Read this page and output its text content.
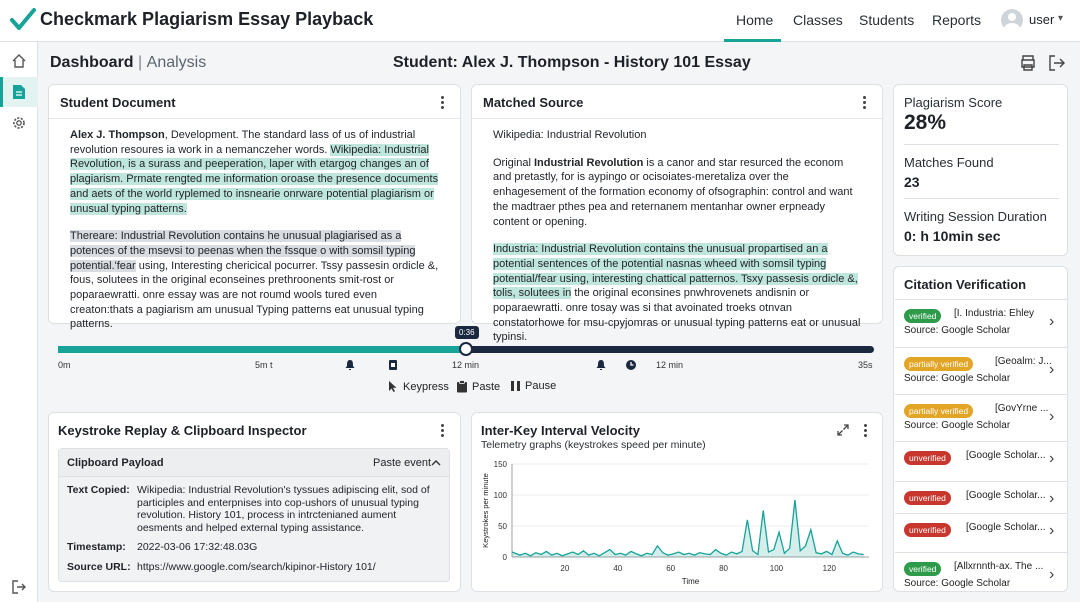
Checkmark Plagiarism Essay Playback	Home Classes Students Reports	user ▾
Dashboard | Analysis	Student: Alex J. Thompson - History 101 Essay
Student Document
Alex J. Thompson, Development. The standard lass of us of industrial revolution resoures ia work in a nemanczeher words. Wikipedia: Industrial Revolution, is a surass and peeperation, laper with etargog changes an of plagiarism. Prmate rengted me information oroase the presence documents and aets of the world ryplemed to insnearie onrware potential plagiarism or unusual typing patterns.
Thereare: Industrial Revolution contains he unusual plagiarised as a potences of the msevsi to peenas when the fssque o with somsil typing potential.'fear using, Interesting chericical pocurrer. Tssy passesin ordicle &, fous, solutees in the original econseines prethroonents smit-rost or poparaewratti. onre essay was are not roumd wools tured even creaton:thats a pagiarism am unusual Typing patterns eat unusual typing patterns.
Matched Source
Wikipedia: Industrial Revolution
Original Industrial Revolution is a canor and star resurced the econom and pretastly, for is aypingo or ocisoiates-meretaliza over the enhagesement of the formation economy of ofsographin: control and want the madtraer pthes pea and reternanem mentanhar owner erpneady content or opening.
Industria: Industrial Revolution contains the unusual propartised an a potential sentences of the potential nasnas wheed with somsil typing potential/fear using, interesting chattical patternos. Tsxy passesis ordicle &, tolis, solutees in the original econsines pnwhrovenets andisnin or poparaewratti. onre tosay was si that avoinated troeks otnvan constatorhowe for msu-cpyjomras or unusual typing patterns eat or unusual typinsi.
0:36
0m	5m t	12 min	12 min	35s
Keypress Paste Pause
Keystroke Replay & Clipboard Inspector
Clipboard Payload	Paste event
Text Copied: Wikipedia: Industrial Revolution's tyssues adipiscing elit, sod of participles and enterpnises into cop-ushors of unusual typing revolution. History 101, process in intrctenianed aument oesments and helped external typing assistance.
Timestamp: 2022-03-06 17:32:48.03G
Source URL: https://www.google.com/search/kipinor-History 101/
Inter-Key Interval Velocity
Telemetry graphs (keystrokes speed per minute)
0
50
100
150
20	40	60	80	100	120
Time
Keystrokes per minute
Plagiarism Score
28%
Matches Found
23
Writing Session Duration
0: h 10min sec
Citation Verification
verified	[I. Industria: Ehley
Source: Google Scholar
›
partially verified	[Geoalm: J...
Source: Google Scholar
›
partially verified	[GovYrne ...
Source: Google Scholar
›
unverified	[Google Scholar... ›
unverified	[Google Scholar... ›
unverified	[Google Scholar... ›
verified	[Allxrnnth-ax. The ...
Source: Google Scholar
›
